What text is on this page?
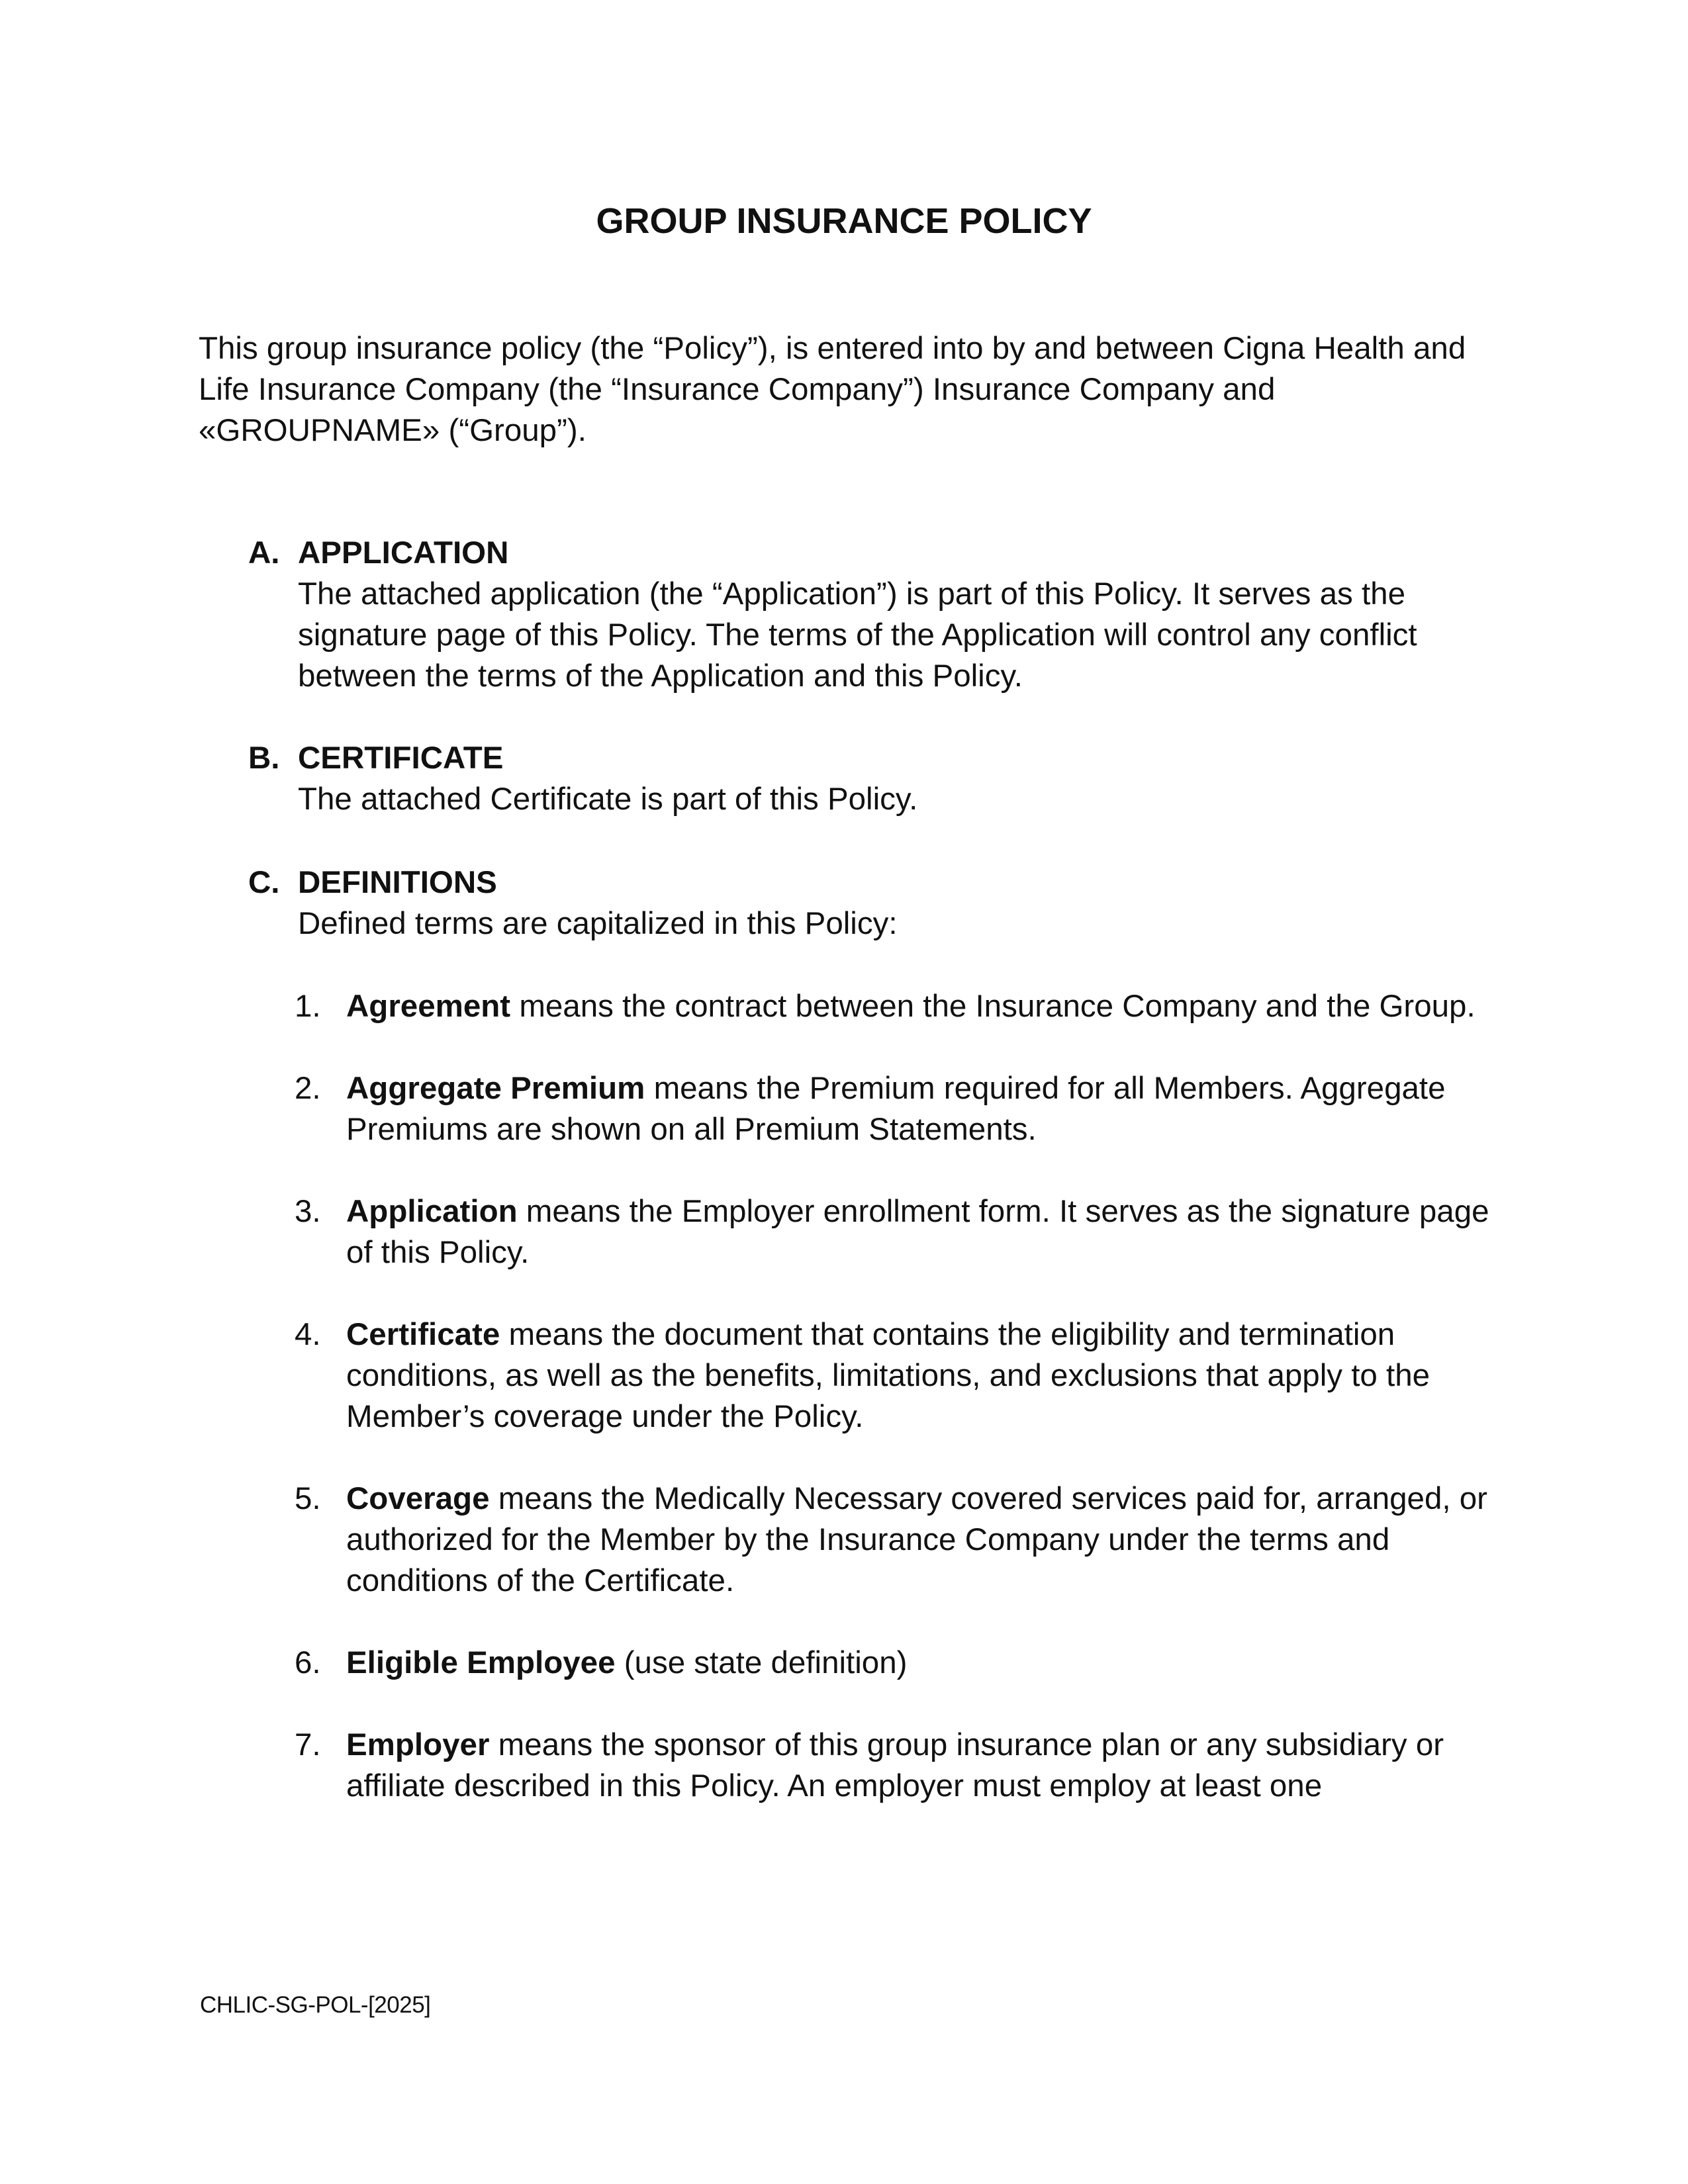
GROUP INSURANCE POLICY

This group insurance policy (the “Policy”), is entered into by and between Cigna Health and Life Insurance Company (the “Insurance Company”) Insurance Company and «GROUPNAME» (“Group”).

A. APPLICATION
The attached application (the “Application”) is part of this Policy. It serves as the signature page of this Policy. The terms of the Application will control any conflict between the terms of the Application and this Policy.
B. CERTIFICATE
The attached Certificate is part of this Policy.
C. DEFINITIONS
Defined terms are capitalized in this Policy:
1. Agreement means the contract between the Insurance Company and the Group.
2. Aggregate Premium means the Premium required for all Members. Aggregate Premiums are shown on all Premium Statements.
3. Application means the Employer enrollment form. It serves as the signature page of this Policy.
4. Certificate means the document that contains the eligibility and termination conditions, as well as the benefits, limitations, and exclusions that apply to the Member’s coverage under the Policy.
5. Coverage means the Medically Necessary covered services paid for, arranged, or authorized for the Member by the Insurance Company under the terms and conditions of the Certificate.
6. Eligible Employee (use state definition)
7. Employer means the sponsor of this group insurance plan or any subsidiary or affiliate described in this Policy. An employer must employ at least one
CHLIC-SG-POL-[2025]
